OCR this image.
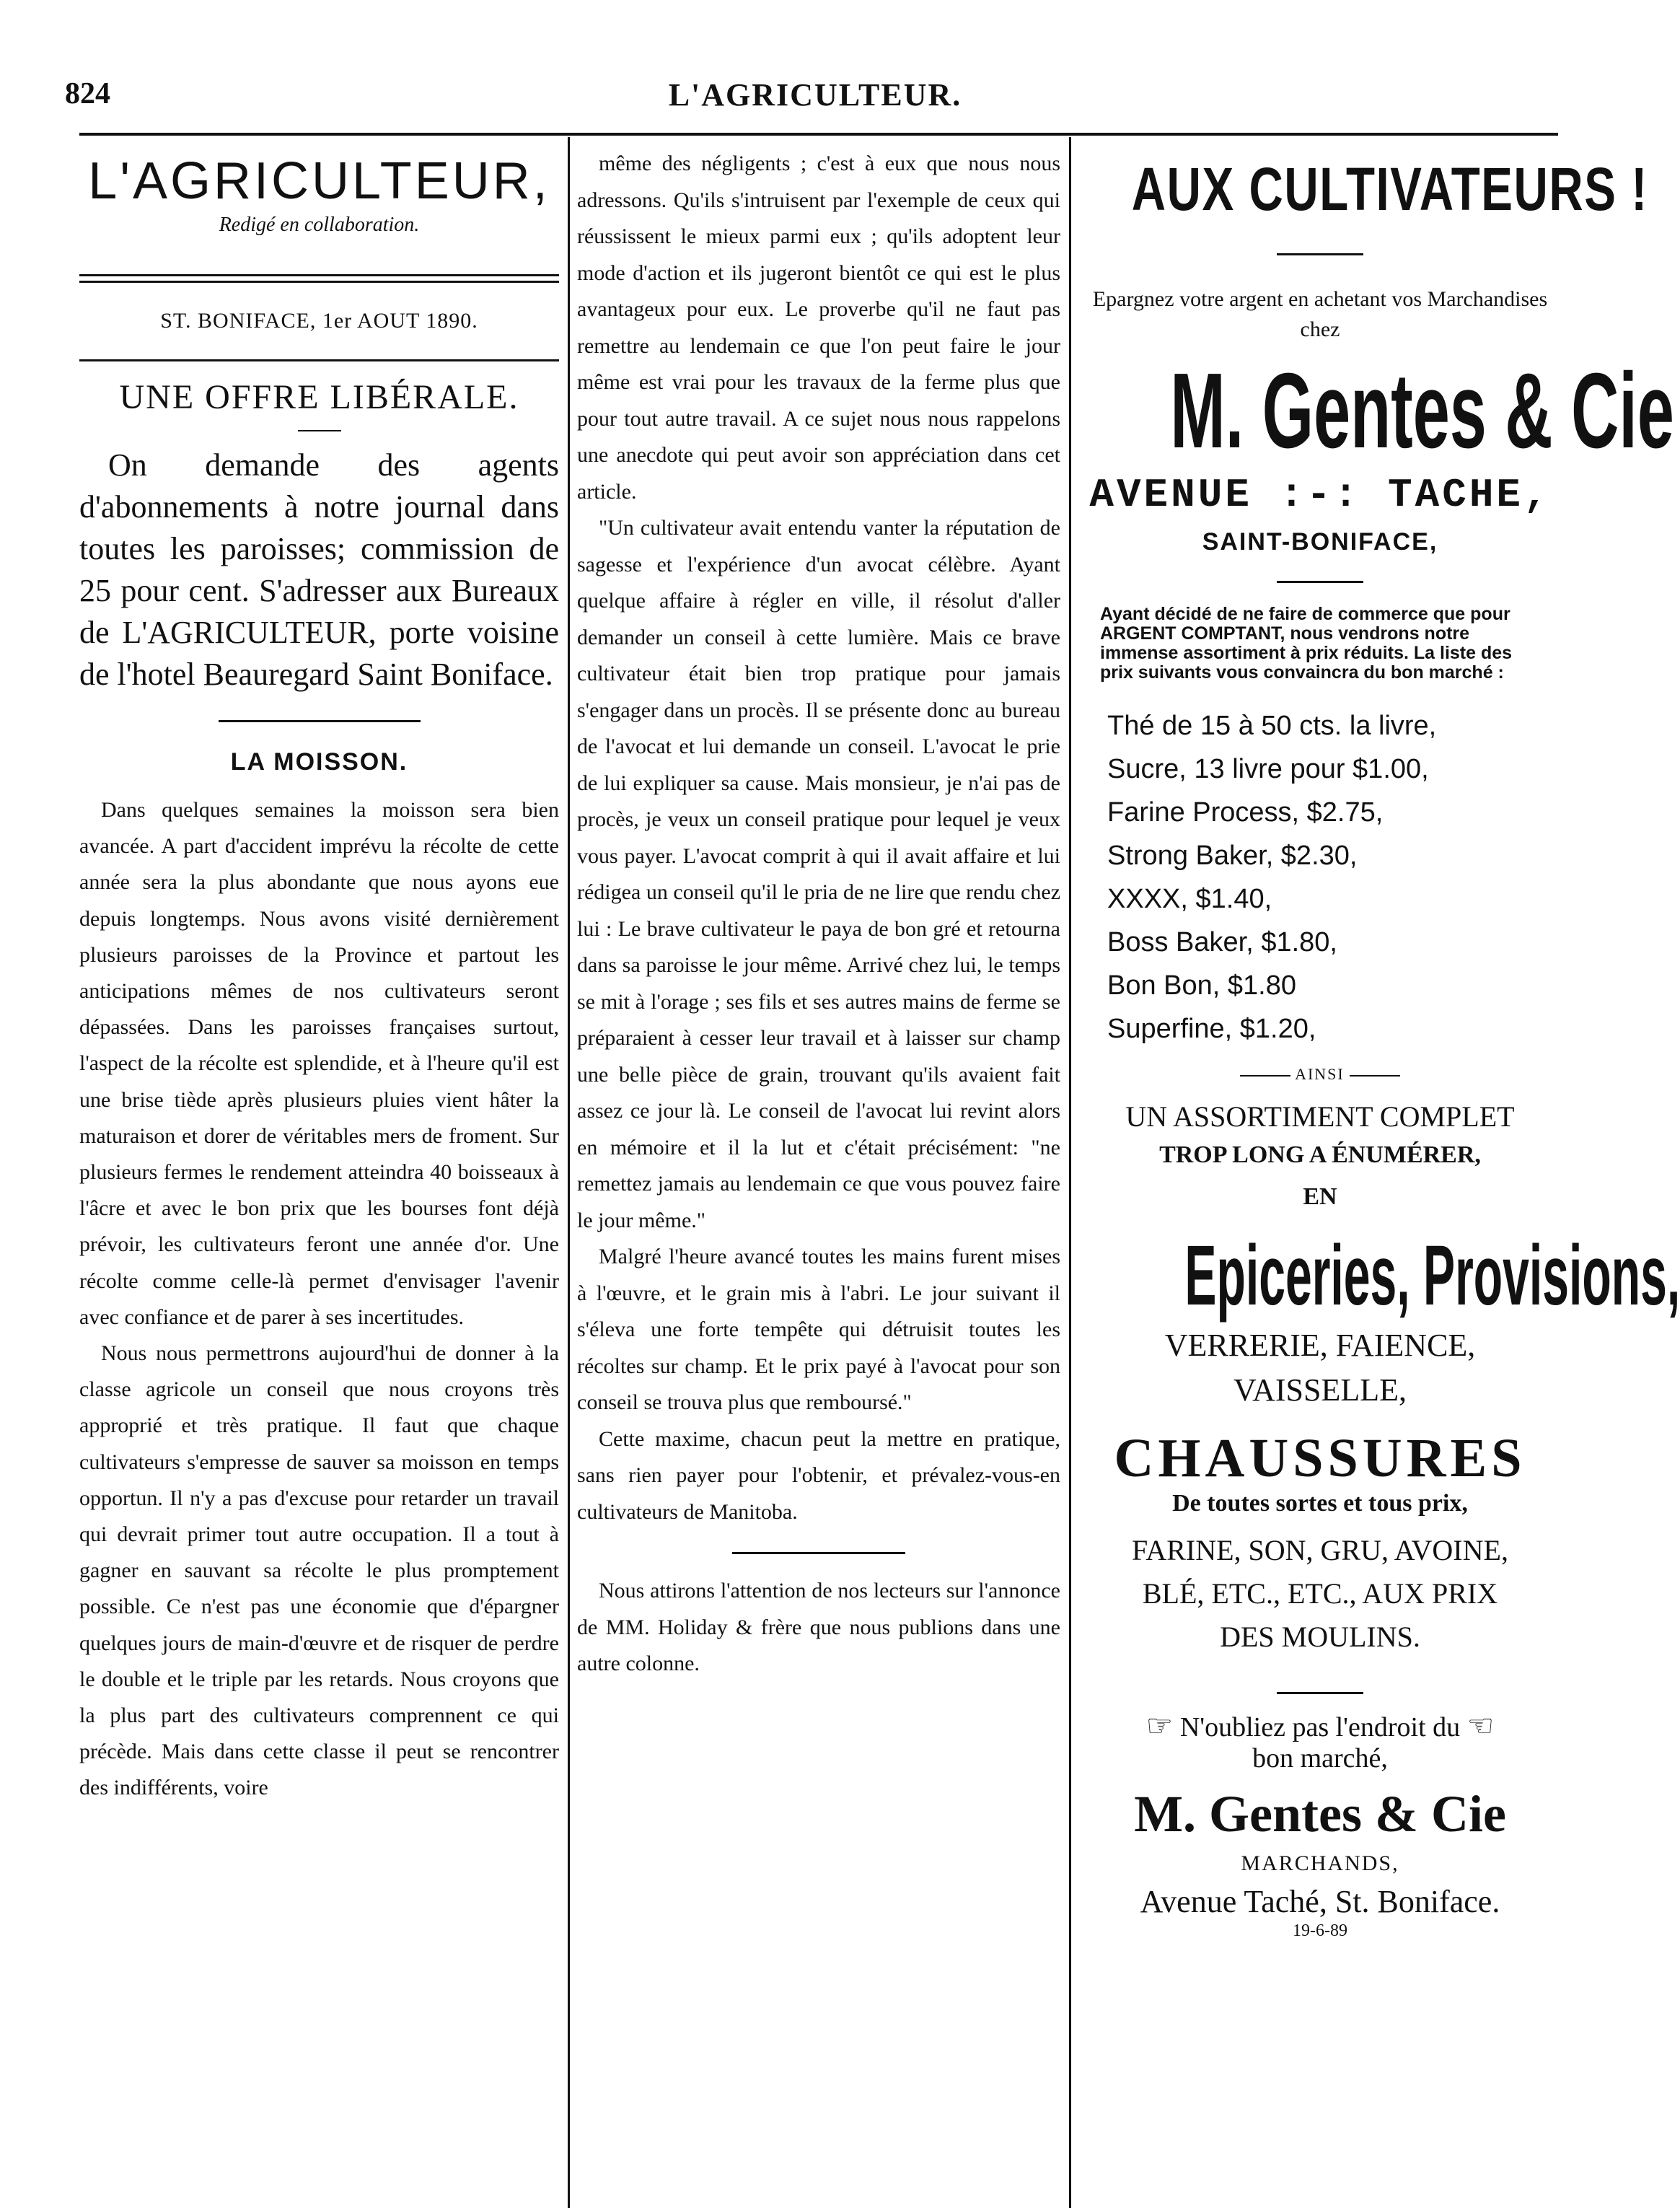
824	L'AGRICULTEUR.
L'AGRICULTEUR,
Redigé en collaboration.
ST. BONIFACE, 1er AOUT 1890.
UNE OFFRE LIBÉRALE.

On demande des agents d'abonnements à notre journal dans toutes les paroisses; commission de 25 pour cent. S'adresser aux Bureaux de L'AGRICULTEUR, porte voisine de l'hotel Beauregard Saint Boniface.

LA MOISSON.

Dans quelques semaines la moisson sera bien avancée. A part d'accident imprévu la récolte de cette année sera la plus abondante que nous ayons eue depuis longtemps. Nous avons visité dernièrement plusieurs paroisses de la Province et partout les anticipations mêmes de nos cultivateurs seront dépassées. Dans les paroisses françaises surtout, l'aspect de la récolte est splendide, et à l'heure qu'il est une brise tiède après plusieurs pluies vient hâter la maturaison et dorer de véritables mers de froment. Sur plusieurs fermes le rendement atteindra 40 boisseaux à l'âcre et avec le bon prix que les bourses font déjà prévoir, les cultivateurs feront une année d'or. Une récolte comme celle-là permet d'envisager l'avenir avec confiance et de parer à ses incertitudes.

Nous nous permettrons aujourd'hui de donner à la classe agricole un conseil que nous croyons très approprié et très pratique. Il faut que chaque cultivateurs s'empresse de sauver sa moisson en temps opportun. Il n'y a pas d'excuse pour retarder un travail qui devrait primer tout autre occupation. Il a tout à gagner en sauvant sa récolte le plus promptement possible. Ce n'est pas une économie que d'épargner quelques jours de main-d'œuvre et de risquer de perdre le double et le triple par les retards. Nous croyons que la plus part des cultivateurs comprennent ce qui précède. Mais dans cette classe il peut se rencontrer des indifférents, voire

même des négligents ; c'est à eux que nous nous adressons. Qu'ils s'intruisent par l'exemple de ceux qui réussissent le mieux parmi eux ; qu'ils adoptent leur mode d'action et ils jugeront bientôt ce qui est le plus avantageux pour eux. Le proverbe qu'il ne faut pas remettre au lendemain ce que l'on peut faire le jour même est vrai pour les travaux de la ferme plus que pour tout autre travail. A ce sujet nous nous rappelons une anecdote qui peut avoir son appréciation dans cet article.

"Un cultivateur avait entendu vanter la réputation de sagesse et l'expérience d'un avocat célèbre. Ayant quelque affaire à régler en ville, il résolut d'aller demander un conseil à cette lumière. Mais ce brave cultivateur était bien trop pratique pour jamais s'engager dans un procès. Il se présente donc au bureau de l'avocat et lui demande un conseil. L'avocat le prie de lui expliquer sa cause. Mais monsieur, je n'ai pas de procès, je veux un conseil pratique pour lequel je veux vous payer. L'avocat comprit à qui il avait affaire et lui rédigea un conseil qu'il le pria de ne lire que rendu chez lui : Le brave cultivateur le paya de bon gré et retourna dans sa paroisse le jour même. Arrivé chez lui, le temps se mit à l'orage ; ses fils et ses autres mains de ferme se préparaient à cesser leur travail et à laisser sur champ une belle pièce de grain, trouvant qu'ils avaient fait assez ce jour là. Le conseil de l'avocat lui revint alors en mémoire et il la lut et c'était précisément: "ne remettez jamais au lendemain ce que vous pouvez faire le jour même."

Malgré l'heure avancé toutes les mains furent mises à l'œuvre, et le grain mis à l'abri. Le jour suivant il s'éleva une forte tempête qui détruisit toutes les récoltes sur champ. Et le prix payé à l'avocat pour son conseil se trouva plus que remboursé."

Cette maxime, chacun peut la mettre en pratique, sans rien payer pour l'obtenir, et prévalez-vous-en cultivateurs de Manitoba.

Nous attirons l'attention de nos lecteurs sur l'annonce de MM. Holiday & frère que nous publions dans une autre colonne.

AUX CULTIVATEURS !
Epargnez votre argent en achetant vos Marchandises chez
M. Gentes & Cie
AVENUE :-: TACHE,
SAINT-BONIFACE,
Ayant décidé de ne faire de commerce que pour ARGENT COMPTANT, nous vendrons notre immense assortiment à prix réduits. La liste des prix suivants vous convaincra du bon marché :
Thé de 15 à 50 cts. la livre,
Sucre, 13 livre pour $1.00,
Farine Process, $2.75,
Strong Baker, $2.30,
XXXX, $1.40,
Boss Baker, $1.80,
Bon Bon, $1.80
Superfine, $1.20,
AINSI
UN ASSORTIMENT COMPLET
TROP LONG A ÉNUMÉRER,
EN
Epiceries, Provisions,
VERRERIE, FAIENCE,
VAISSELLE,
CHAUSSURES
De toutes sortes et tous prix,
FARINE, SON, GRU, AVOINE,
BLÉ, ETC., ETC., AUX PRIX
DES MOULINS.
☞ N'oubliez pas l'endroit du ☜
bon marché,
M. Gentes & Cie
MARCHANDS,
Avenue Taché, St. Boniface.
19-6-89
